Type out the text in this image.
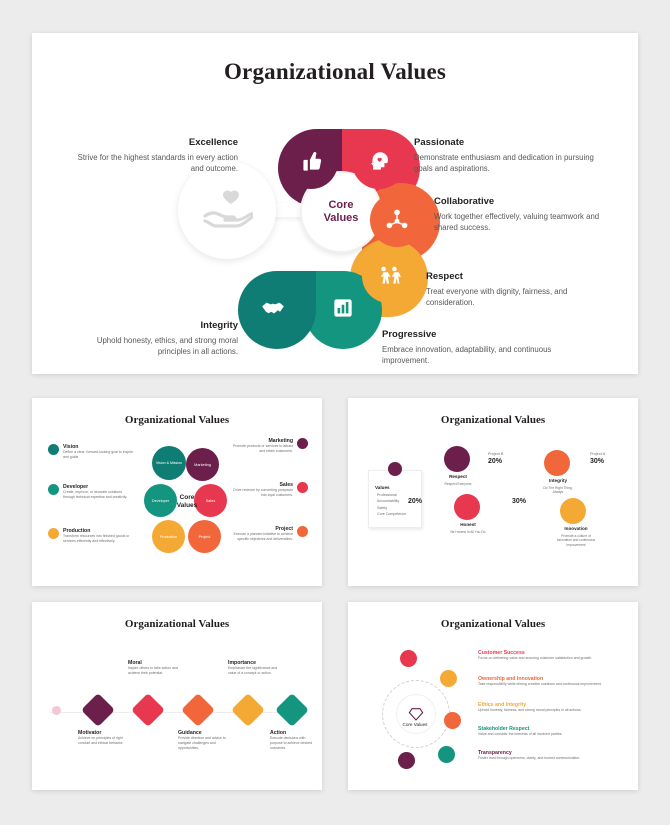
Organizational Values
Core
Values
Excellence
Strive for the highest standards in every action and outcome.
Passionate
Demonstrate enthusiasm and dedication in pursuing goals and aspirations.
Collaborative
Work together effectively, valuing teamwork and shared success.
Respect
Treat everyone with dignity, fairness, and consideration.
Progressive
Embrace innovation, adaptability, and continuous improvement.
Integrity
Uphold honesty, ethics, and strong moral principles in all actions.
Organizational Values
Vision & Mission	Marketing
Developer	Sales
Production	Project
Core
Values
Vision
Define a clear, forward-looking goal to inspire and guide.
Developer
Create, improve, or innovate solutions through technical expertise and creativity.
Production
Transform resources into finished goods or services efficiently and effectively.
Marketing
Promote products or services to attract and retain customers.
Sales
Drive revenue by converting prospects into loyal customers.
Project
Execute a planned initiative to achieve specific objectives and deliverables.
Organizational Values
Values
Professional
Accountability
Safety
Core Competence
Respect
Respect Everyone
Project B
20%
Integrity
Do The Right Thing, Always
Project A
30%
Honest
Be Honest In All You Do
20%
Innovation
Promote a culture of innovation and continuous improvement
30%
Organizational Values
Moral
Inspire others to take action and achieve their potential.
Importance
Emphasize the significance and value of a concept or action.
Motivator
Achieve on principles of right conduct and ethical behavior.
Guidance
Provide direction and advice to navigate challenges and opportunities.
Action
Execute decisions with purpose to achieve desired outcomes.
Organizational Values
Core Values
Customer Success
Focus on delivering value and ensuring customer satisfaction and growth.
Ownership and Innovation
Take responsibility while driving creative solutions and continuous improvement.
Ethics and Integrity
Uphold honesty, fairness, and strong moral principles in all actions.
Stakeholder Respect
Value and consider the interests of all involved parties.
Transparency
Foster trust through openness, clarity, and honest communication.
